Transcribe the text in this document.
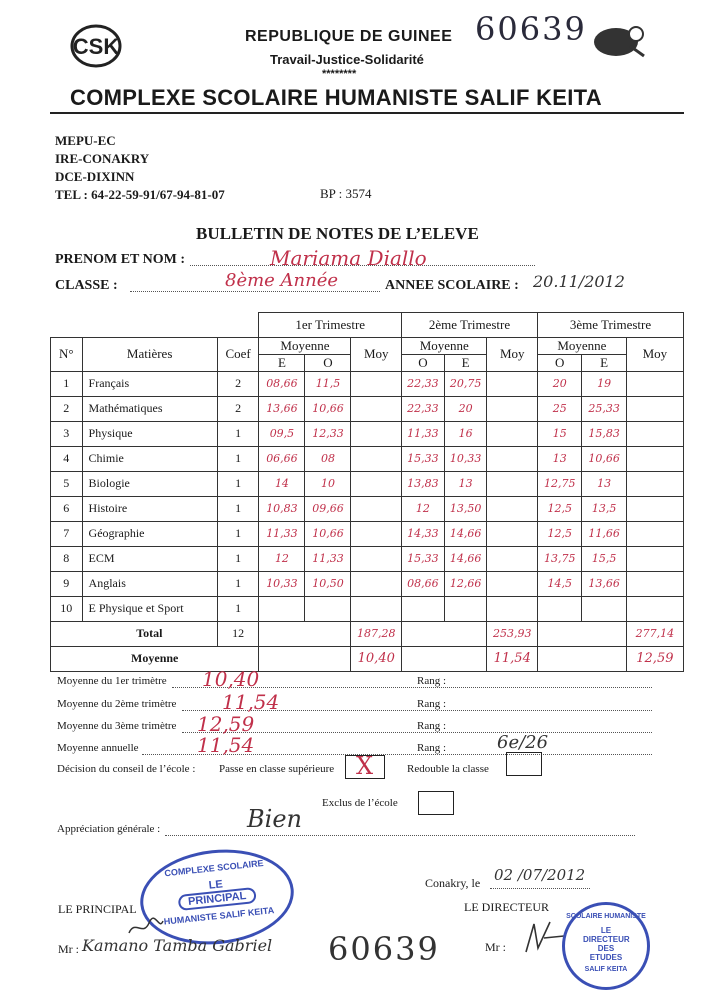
CSK	REPUBLIQUE DE GUINEE 60639
Travail-Justice-Solidarité
********
COMPLEXE SCOLAIRE HUMANISTE SALIF KEITA
MEPU-EC
IRE-CONAKRY
DCE-DIXINN
TEL : 64-22-59-91/67-94-81-07	BP : 3574
BULLETIN DE NOTES DE L’ELEVE
PRENOM ET NOM :	Mariama Diallo
CLASSE :	8ème Année	ANNEE SCOLAIRE : 20.11/2012
			1er Trimestre			2ème Trimestre			3ème Trimestre		
N°	Matières	Coef	Moyenne		Moy	Moyenne		Moy	Moyenne		Moy
			E	O		O	E		O	E	
1	Français	2	08,66	11,5		22,33	20,75		20	19	
2	Mathématiques	2	13,66	10,66		22,33	20		25	25,33	
3	Physique	1	09,5	12,33		11,33	16		15	15,83	
4	Chimie	1	06,66	08		15,33	10,33		13	10,66	
5	Biologie	1	14	10		13,83	13		12,75	13	
6	Histoire	1	10,83	09,66		12	13,50		12,5	13,5	
7	Géographie	1	11,33	10,66		14,33	14,66		12,5	11,66	
8	ECM	1	12	11,33		15,33	14,66		13,75	15,5	
9	Anglais	1	10,33	10,50		08,66	12,66		14,5	13,66	
10	E Physique et Sport	1									
	Total	12			187,28			253,93			277,14
Moyenne					10,40			11,54			12,59
Moyenne du 1er trimètre 10,40	Rang :
Moyenne du 2ème trimètre 11,54	Rang :
Moyenne du 3ème trimètre 12,59	Rang :
Moyenne annuelle	11,54	Rang :	6e/26
Décision du conseil de l’école : Passe en classe supérieure	Redouble la classe
Exclus de l’école
Appréciation générale :	Bien
X
Conakry, le 02 /07/2012
COMPLEXE SCOLAIRE
LE
PRINCIPAL
HUMANISTE SALIF KEITA
LE PRINCIPAL	LE DIRECTEUR
Mr : Kamano Tamba Gabriel 60639	Mr :
SCOLAIRE HUMANISTE
LE DIRECTEUR DES ETUDES
SALIF KEITA
